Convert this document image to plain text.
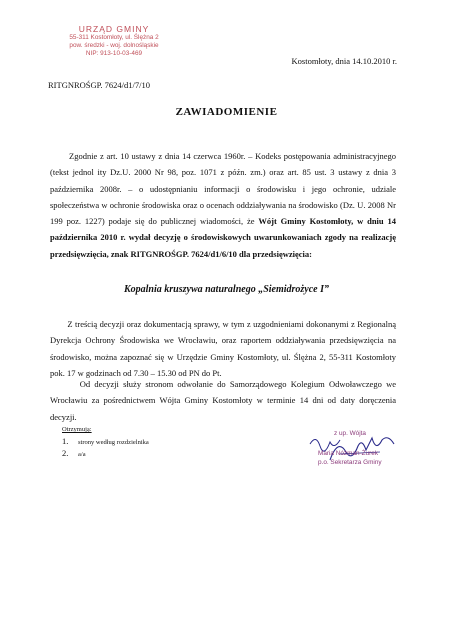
URZĄD GMINY
55-311 Kostomłoty, ul. Ślężna 2
pow. średzki - woj. dolnośląskie
NIP: 913-10-03-469
Kostomłoty, dnia 14.10.2010 r.
RITGNROŚGP. 7624/d1/7/10
ZAWIADOMIENIE

Zgodnie z art. 10 ustawy z dnia 14 czerwca 1960r. – Kodeks postępowania administracyjnego (tekst jednol ity Dz.U. 2000 Nr 98, poz. 1071 z późn. zm.) oraz art. 85 ust. 3 ustawy z dnia 3 października 2008r. – o udostępnianiu informacji o środowisku i jego ochronie, udziale społeczeństwa w ochronie środowiska oraz o ocenach oddziaływania na środowisko (Dz. U. 2008 Nr 199 poz. 1227) podaje się do publicznej wiadomości, że Wójt Gminy Kostomłoty, w dniu 14 października 2010 r. wydał decyzję o środowiskowych uwarunkowaniach zgody na realizację przedsięwzięcia, znak RITGNROŚGP. 7624/d1/6/10 dla przedsięwzięcia:

Kopalnia kruszywa naturalnego „Siemidrożyce I”

Z treścią decyzji oraz dokumentacją sprawy, w tym z uzgodnieniami dokonanymi z Regionalną Dyrekcja Ochrony Środowiska we Wrocławiu, oraz raportem oddziaływania przedsięwzięcia na środowisko, można zapoznać się w Urzędzie Gminy Kostomłoty, ul. Ślężna 2, 55-311 Kostomłoty pok. 17 w godzinach od 7.30 – 15.30 od PN do Pt.

Od decyzji służy stronom odwołanie do Samorządowego Kolegium Odwoławczego we Wrocławiu za pośrednictwem Wójta Gminy Kostomłoty w terminie 14 dni od daty doręczenia decyzji.

Otrzymują:
1.	strony według rozdzielnika
2.	a/a
z up. Wójta
Maria Nóżman-Żurek
p.o. Sekretarza Gminy
